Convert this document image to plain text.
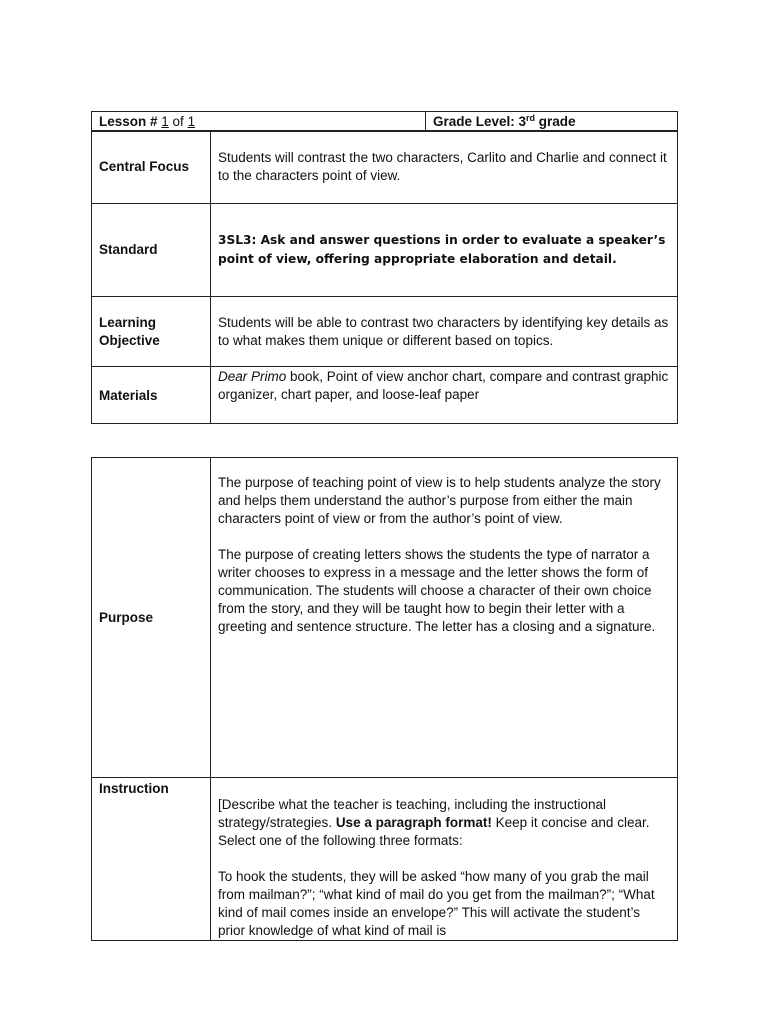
Lesson # 1 of 1	Grade Level: 3rd grade
Central Focus	Students will contrast the two characters, Carlito and Charlie and connect it to the characters point of view.
Standard	3SL3: Ask and answer questions in order to evaluate a speaker’s point of view, offering appropriate elaboration and detail.
Learning Objective	Students will be able to contrast two characters by identifying key details as to what makes them unique or different based on topics.
Materials	Dear Primo book, Point of view anchor chart, compare and contrast graphic organizer, chart paper, and loose-leaf paper
Purpose	The purpose of teaching point of view is to help students analyze the story and helps them understand the author’s purpose from either the main characters point of view or from the author’s point of view.

The purpose of creating letters shows the students the type of narrator a writer chooses to express in a message and the letter shows the form of communication. The students will choose a character of their own choice from the story, and they will be taught how to begin their letter with a greeting and sentence structure. The letter has a closing and a signature.

Instruction	[Describe what the teacher is teaching, including the instructional strategy/strategies. Use a paragraph format! Keep it concise and clear. Select one of the following three formats:

To hook the students, they will be asked “how many of you grab the mail from mailman?”; “what kind of mail do you get from the mailman?”; “What kind of mail comes inside an envelope?” This will activate the student’s prior knowledge of what kind of mail is
